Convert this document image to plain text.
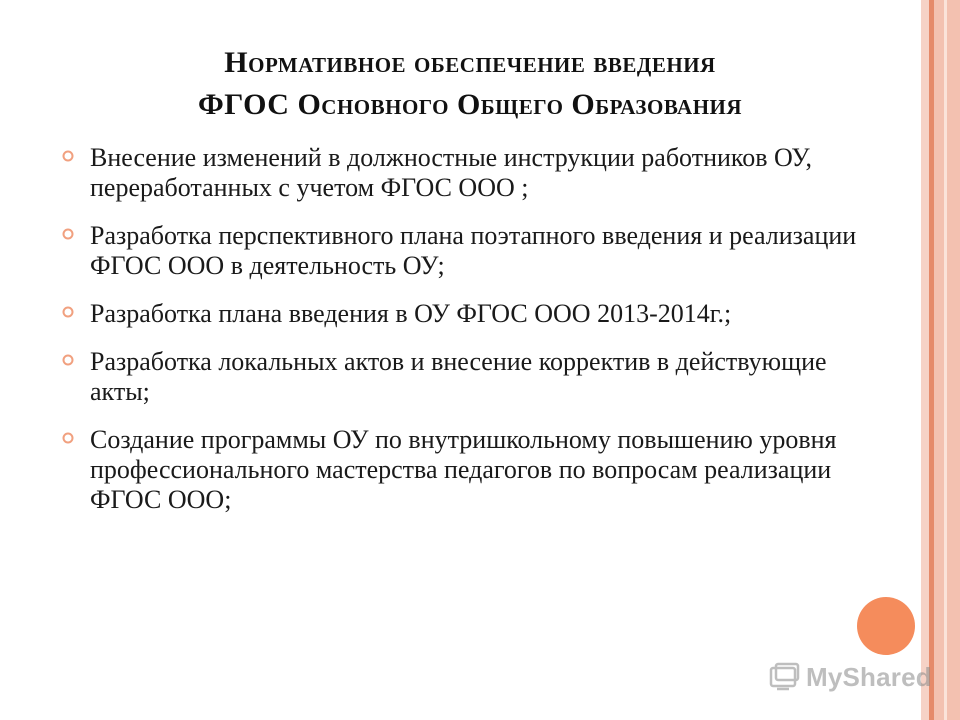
Нормативное обеспечение введения
ФГОС Основного Общего Образования
Внесение изменений в должностные инструкции работников ОУ, переработанных с учетом ФГОС ООО ;
Разработка перспективного плана поэтапного введения и реализации ФГОС ООО в деятельность ОУ;
Разработка плана введения в ОУ ФГОС ООО 2013-2014г.;
Разработка локальных актов и внесение корректив в действующие акты;
Создание программы ОУ по внутришкольному повышению уровня профессионального мастерства педагогов по вопросам реализации ФГОС ООО;
MyShared
